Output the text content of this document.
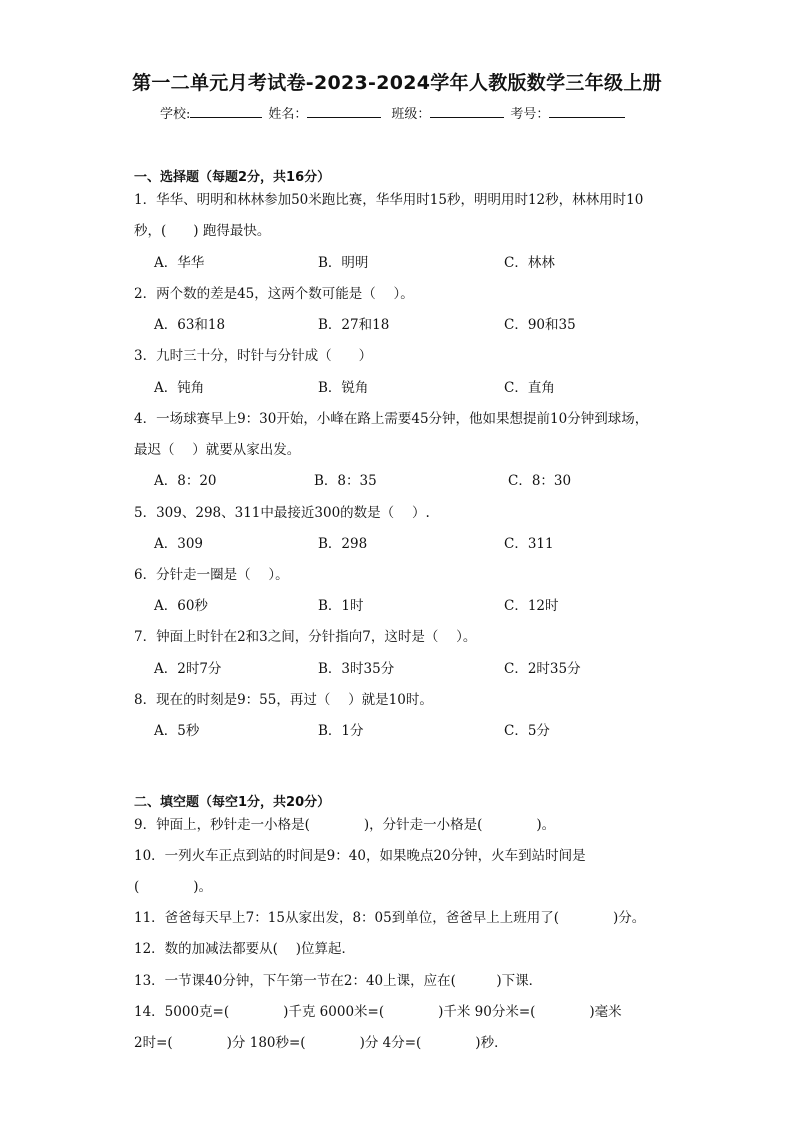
第一二单元月考试卷-2023-2024学年人教版数学三年级上册
学校:	姓名：	班级：	考号：
一、选择题（每题2分，共16分）
1．华华、明明和林林参加50米跑比赛，华华用时15秒，明明用时12秒，林林用时10
秒，(　　) 跑得最快。
A．华华	B．明明	C．林林
2．两个数的差是45，这两个数可能是（　 ）。
A．63和18	B．27和18	C．90和35
3．九时三十分，时针与分针成（　　）
A．钝角	B．锐角	C．直角
4．一场球赛早上9：30开始，小峰在路上需要45分钟，他如果想提前10分钟到球场，
最迟（　 ）就要从家出发。
A．8：20	B．8：35	C．8：30
5．309、298、311中最接近300的数是（　 ）.
A．309	B．298	C．311
6．分针走一圈是（　 ）。
A．60秒	B．1时	C．12时
7．钟面上时针在2和3之间，分针指向7，这时是（　 ）。
A．2时7分	B．3时35分	C．2时35分
8．现在的时刻是9：55，再过（　 ）就是10时。
A．5秒	B．1分	C．5分
二、填空题（每空1分，共20分）
9．钟面上，秒针走一小格是(　　　　)，分针走一小格是(　　　　)。
10．一列火车正点到站的时间是9：40，如果晚点20分钟，火车到站时间是
(　　　　)。
11．爸爸每天早上7：15从家出发，8：05到单位，爸爸早上上班用了(　　　　)分。
12．数的加减法都要从(　 )位算起．
13．一节课40分钟，下午第一节在2：40上课，应在(　　　)下课．
14．5000克=(　　　　)千克 6000米=(　　　　)千米 90分米=(　　　　)毫米
2时=(　　　　)分 180秒=(　　　　)分 4分=(　　　　)秒．
